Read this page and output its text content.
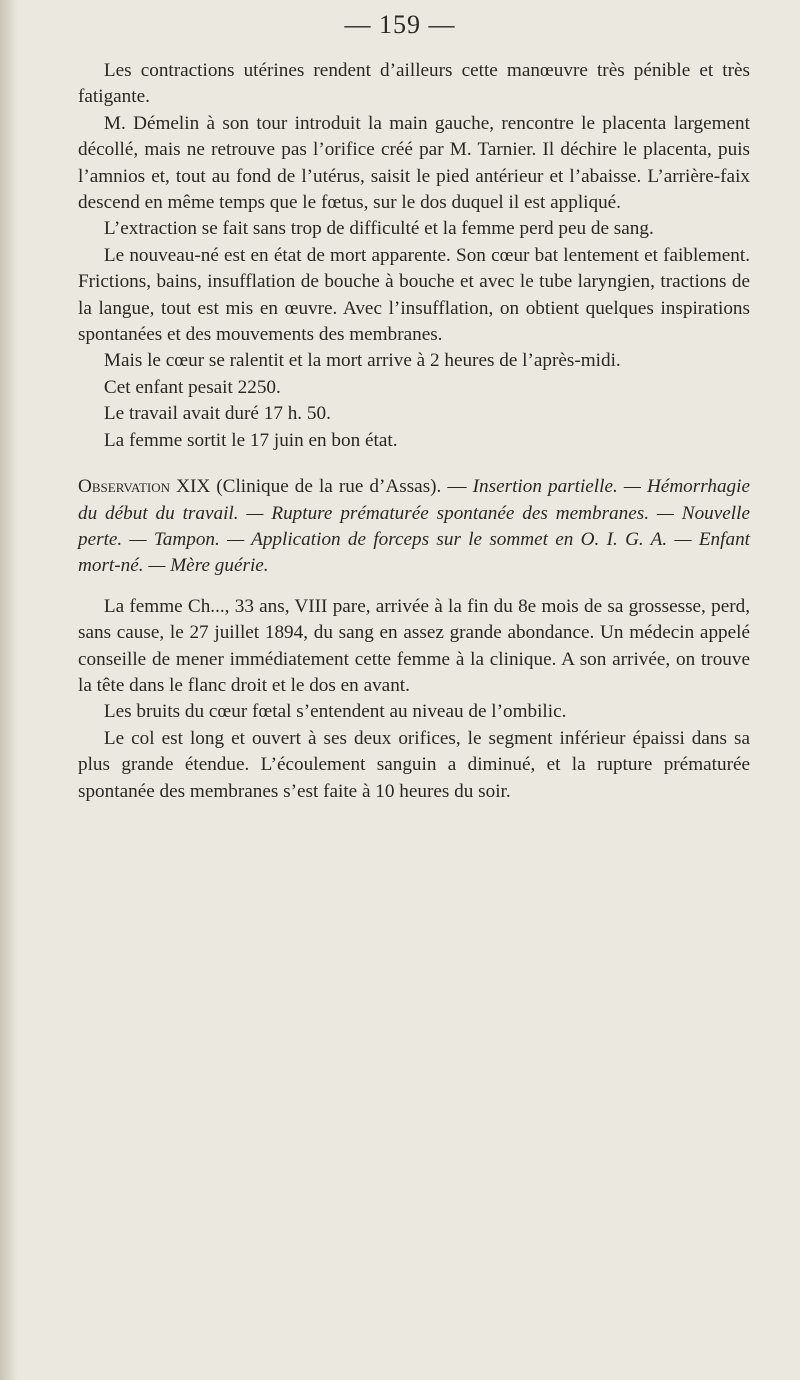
— 159 —

Les contractions utérines rendent d’ailleurs cette manœuvre très pénible et très fatigante.

M. Démelin à son tour introduit la main gauche, rencontre le placenta largement décollé, mais ne retrouve pas l’orifice créé par M. Tarnier. Il déchire le placenta, puis l’amnios et, tout au fond de l’utérus, saisit le pied antérieur et l’abaisse. L’arrière-faix descend en même temps que le fœtus, sur le dos duquel il est appliqué.

L’extraction se fait sans trop de difficulté et la femme perd peu de sang.

Le nouveau-né est en état de mort apparente. Son cœur bat lentement et faiblement. Frictions, bains, insufflation de bouche à bouche et avec le tube laryngien, tractions de la langue, tout est mis en œuvre. Avec l’insufflation, on obtient quelques inspirations spontanées et des mouvements des membranes.

Mais le cœur se ralentit et la mort arrive à 2 heures de l’après-midi.

Cet enfant pesait 2250.

Le travail avait duré 17 h. 50.

La femme sortit le 17 juin en bon état.

Observation XIX (Clinique de la rue d’Assas). — Insertion partielle. — Hémorrhagie du début du travail. — Rupture prématurée spontanée des membranes. — Nouvelle perte. — Tampon. — Application de forceps sur le sommet en O. I. G. A. — Enfant mort-né. — Mère guérie.

La femme Ch..., 33 ans, VIII pare, arrivée à la fin du 8e mois de sa grossesse, perd, sans cause, le 27 juillet 1894, du sang en assez grande abondance. Un médecin appelé conseille de mener immédiatement cette femme à la clinique. A son arrivée, on trouve la tête dans le flanc droit et le dos en avant.

Les bruits du cœur fœtal s’entendent au niveau de l’ombilic.

Le col est long et ouvert à ses deux orifices, le segment inférieur épaissi dans sa plus grande étendue. L’écoulement sanguin a diminué, et la rupture prématurée spontanée des membranes s’est faite à 10 heures du soir.
